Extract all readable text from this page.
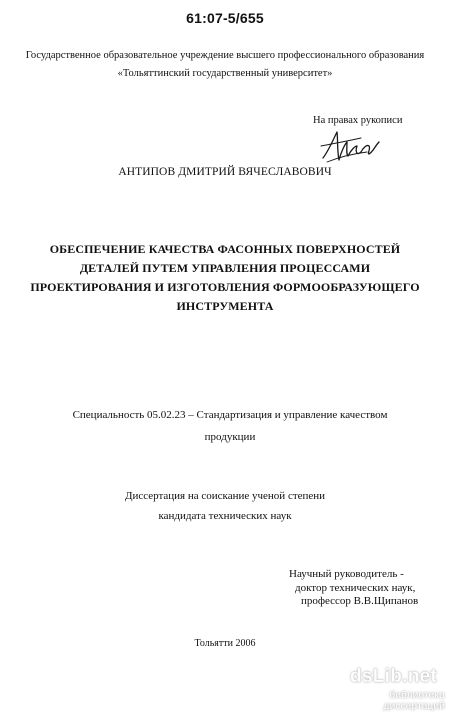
61:07-5/655
Государственное образовательное учреждение высшего профессионального образования
«Тольяттинский государственный университет»
На правах рукописи
АНТИПОВ ДМИТРИЙ ВЯЧЕСЛАВОВИЧ
ОБЕСПЕЧЕНИЕ КАЧЕСТВА ФАСОННЫХ ПОВЕРХНОСТЕЙ
ДЕТАЛЕЙ ПУТЕМ УПРАВЛЕНИЯ ПРОЦЕССАМИ
ПРОЕКТИРОВАНИЯ И ИЗГОТОВЛЕНИЯ ФОРМООБРАЗУЮЩЕГО
ИНСТРУМЕНТА
Специальность 05.02.23 – Стандартизация и управление качеством
продукции
Диссертация на соискание ученой степени
кандидата технических наук
Научный руководитель -
доктор технических наук,
профессор В.В.Щипанов
Тольятти 2006
dsLib.net
библиотека диссертаций
